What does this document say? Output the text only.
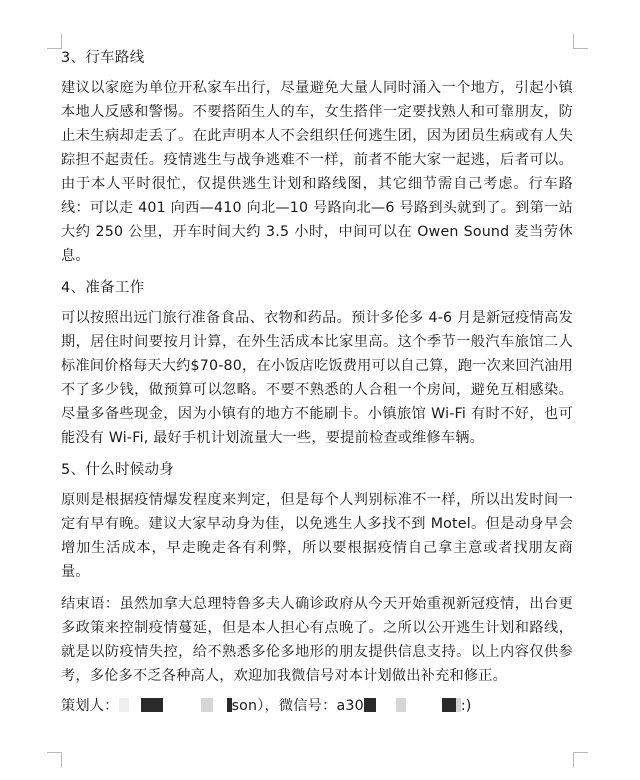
3、行车路线

建议以家庭为单位开私家车出行，尽量避免大量人同时涌入一个地方，引起小镇本地人反感和警惕。不要搭陌生人的车，女生搭伴一定要找熟人和可靠朋友，防止未生病却走丢了。在此声明本人不会组织任何逃生团，因为团员生病或有人失踪担不起责任。疫情逃生与战争逃难不一样，前者不能大家一起逃，后者可以。由于本人平时很忙，仅提供逃生计划和路线图，其它细节需自己考虑。行车路线：可以走 401 向西—410 向北—10 号路向北—6 号路到头就到了。到第一站大约 250 公里，开车时间大约 3.5 小时，中间可以在 Owen Sound 麦当劳休息。

4、准备工作

可以按照出远门旅行准备食品、衣物和药品。预计多伦多 4-6 月是新冠疫情高发期，居住时间要按月计算，在外生活成本比家里高。这个季节一般汽车旅馆二人标准间价格每天大约$70-80，在小饭店吃饭费用可以自己算，跑一次来回汽油用不了多少钱，做预算可以忽略。不要不熟悉的人合租一个房间，避免互相感染。尽量多备些现金，因为小镇有的地方不能刷卡。小镇旅馆 Wi-Fi 有时不好，也可能没有 Wi-Fi, 最好手机计划流量大一些，要提前检查或维修车辆。

5、什么时候动身

原则是根据疫情爆发程度来判定，但是每个人判别标准不一样，所以出发时间一定有早有晚。建议大家早动身为佳，以免逃生人多找不到 Motel。但是动身早会增加生活成本，早走晚走各有利弊，所以要根据疫情自己拿主意或者找朋友商量。

结束语：虽然加拿大总理特鲁多夫人确诊政府从今天开始重视新冠疫情，出台更多政策来控制疫情蔓延，但是本人担心有点晚了。之所以公开逃生计划和路线，就是以防疫情失控，给不熟悉多伦多地形的朋友提供信息支持。以上内容仅供参考，多伦多不乏各种高人，欢迎加我微信号对本计划做出补充和修正。

策划人：	son），微信号：a30	:)
